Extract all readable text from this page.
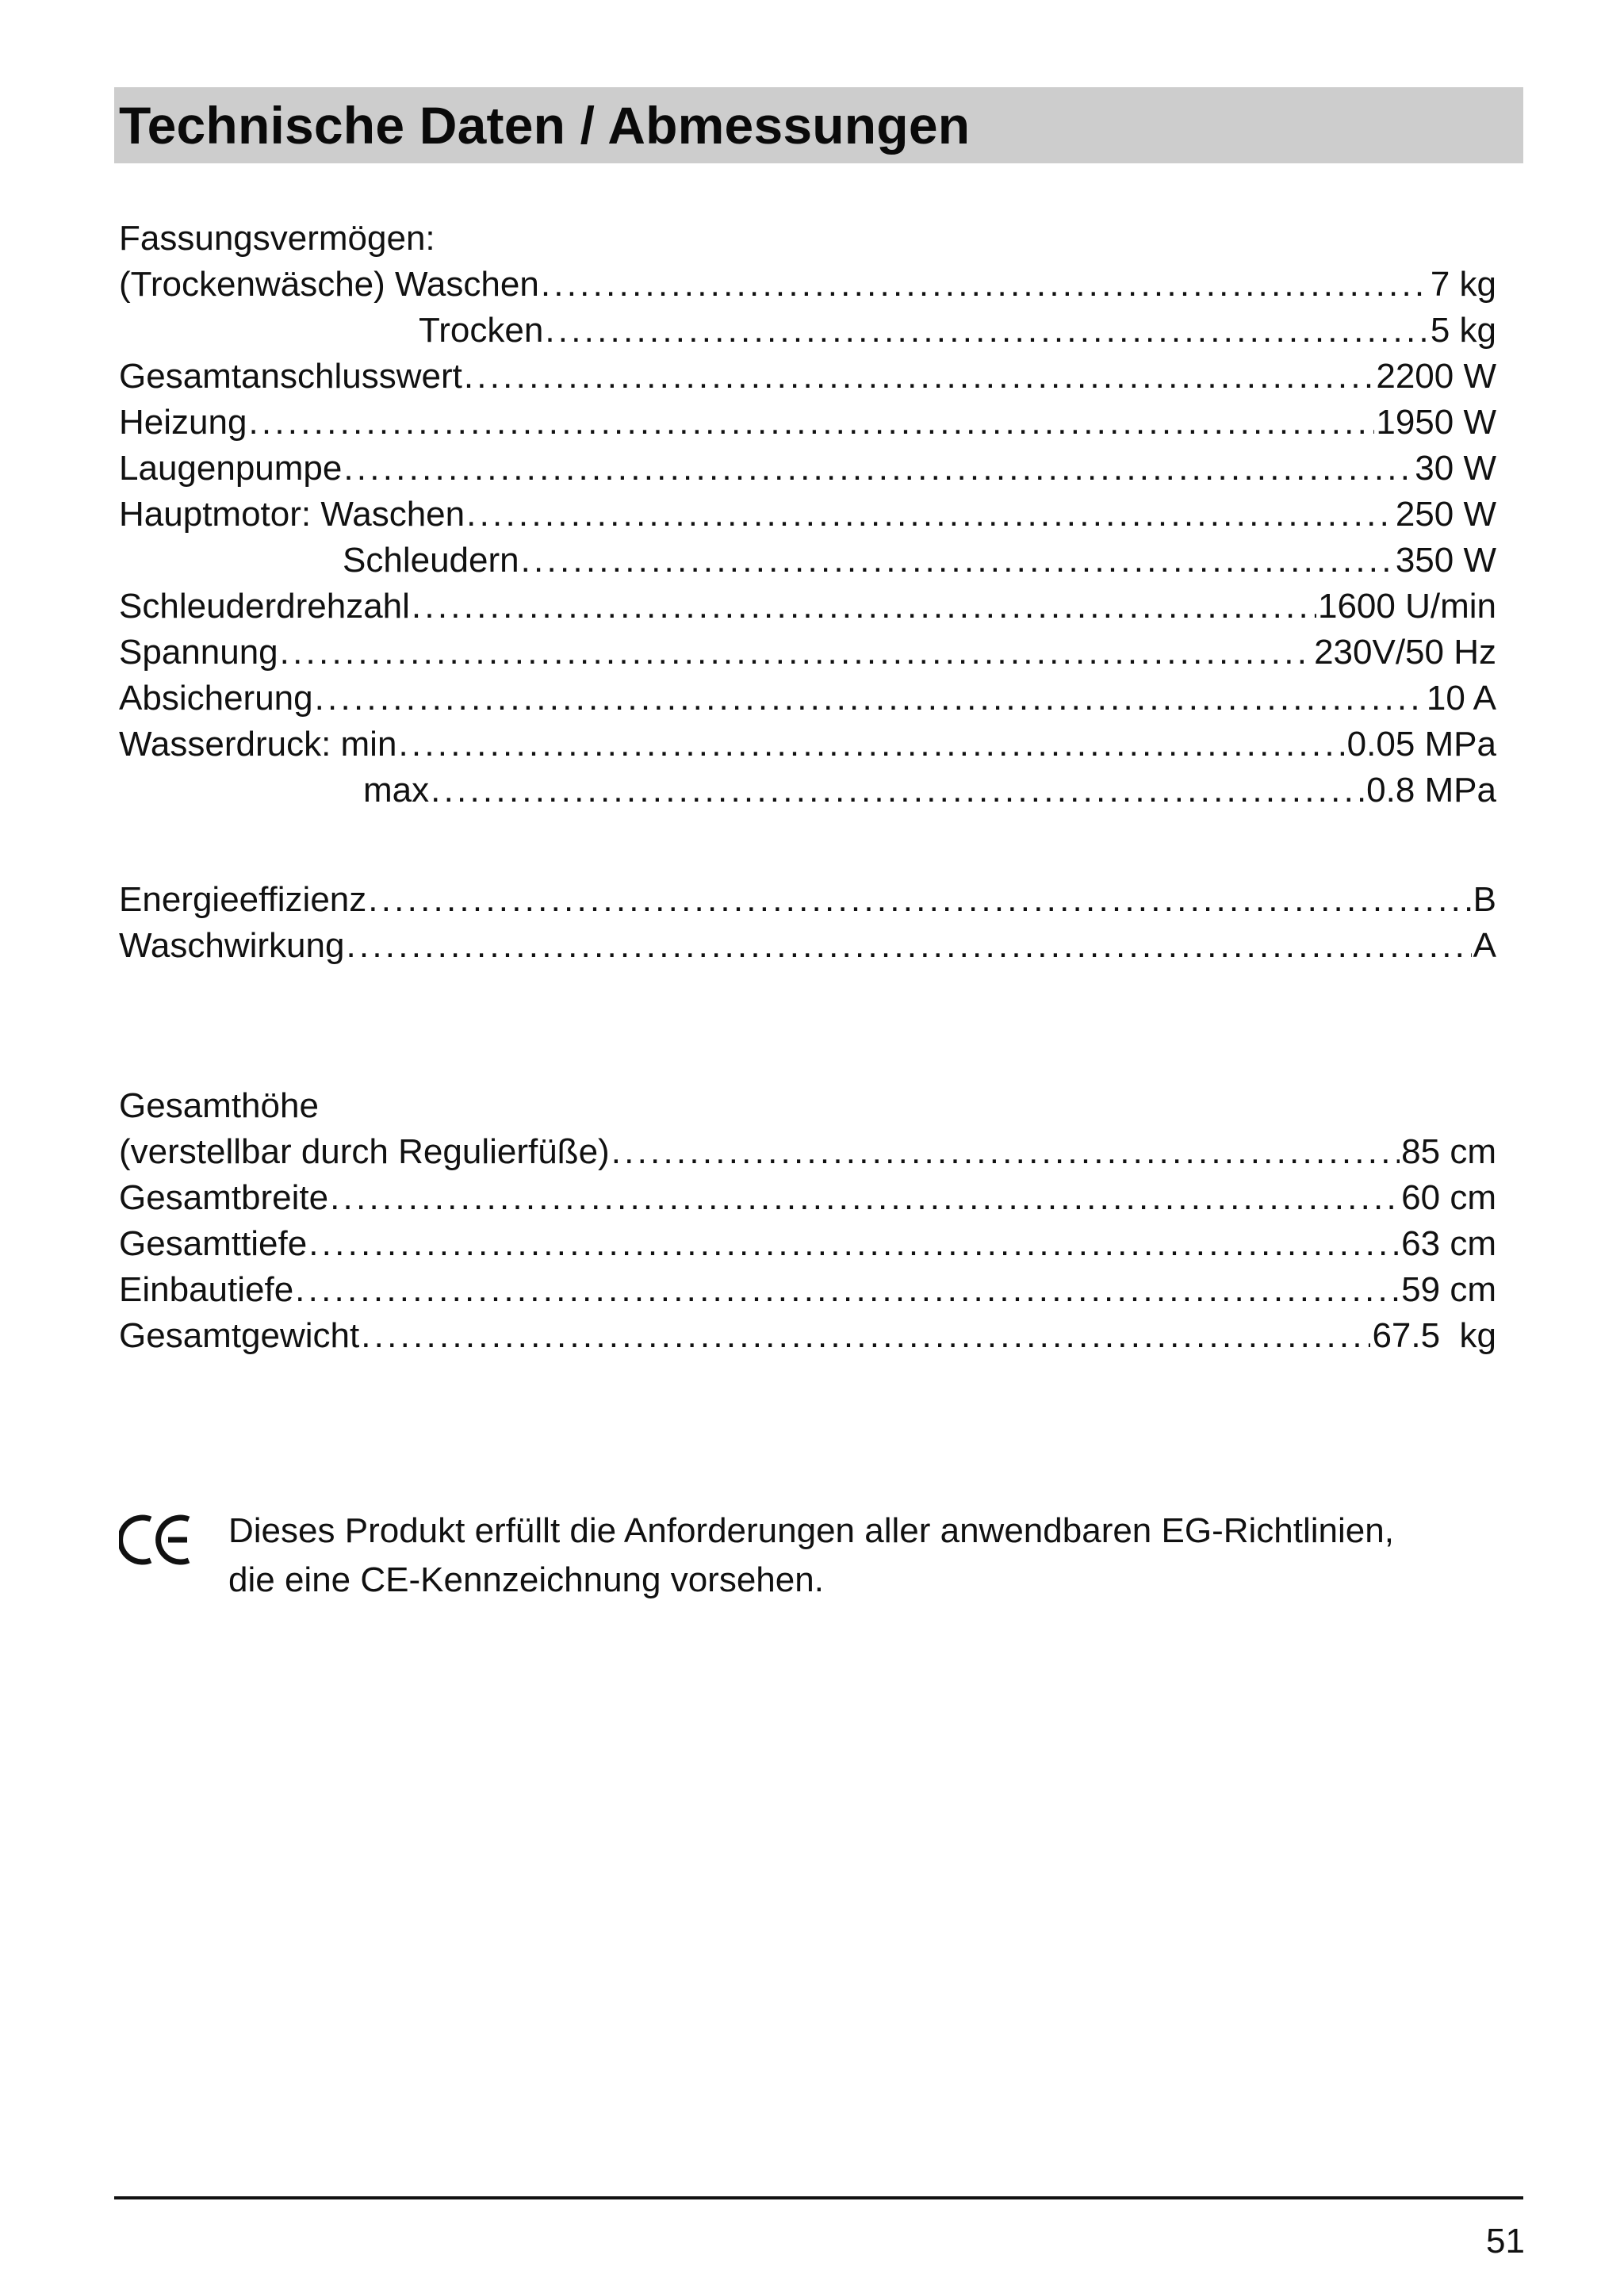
Technische Daten / Abmessungen
Fassungsvermögen:
(Trockenwäsche) Waschen . . .	7 kg
Trocken . . .	5 kg
Gesamtanschlusswert . . .	2200 W
Heizung . . .	1950 W
Laugenpumpe . . .	30 W
Hauptmotor: Waschen . . .	250 W
Schleudern . . .	350 W
Schleuderdrehzahl . . .	1600 U/min
Spannung . . .	230V/50 Hz
Absicherung . . .	10 A
Wasserdruck: min . . .	0.05 MPa
max . . .	0.8 MPa
Energieeffizienz . . .	B
Waschwirkung . . .	A
Gesamthöhe
(verstellbar durch Regulierfüße) . . .	85 cm
Gesamtbreite . . .	60 cm
Gesamttiefe . . .	63 cm
Einbautiefe . . .	59 cm
Gesamtgewicht . . .	67.5  kg
Dieses Produkt erfüllt die Anforderungen aller anwendbaren EG-Richtlinien,
die eine CE-Kennzeichnung vorsehen.
51
